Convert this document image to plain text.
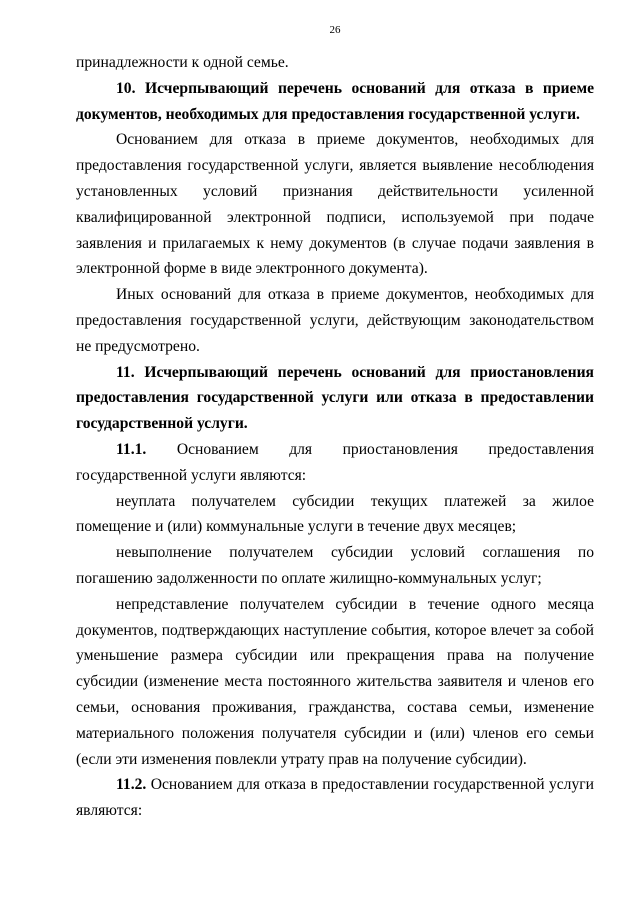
26

принадлежности к одной семье.

10. Исчерпывающий перечень оснований для отказа в приеме документов, необходимых для предоставления государственной услуги.

Основанием для отказа в приеме документов, необходимых для предоставления государственной услуги, является выявление несоблюдения установленных условий признания действительности усиленной квалифицированной электронной подписи, используемой при подаче заявления и прилагаемых к нему документов (в случае подачи заявления в электронной форме в виде электронного документа).

Иных оснований для отказа в приеме документов, необходимых для предоставления государственной услуги, действующим законодательством не предусмотрено.

11. Исчерпывающий перечень оснований для приостановления предоставления государственной услуги или отказа в предоставлении государственной услуги.

11.1. Основанием для приостановления предоставления государственной услуги являются:

неуплата получателем субсидии текущих платежей за жилое помещение и (или) коммунальные услуги в течение двух месяцев;

невыполнение получателем субсидии условий соглашения по погашению задолженности по оплате жилищно-коммунальных услуг;

непредставление получателем субсидии в течение одного месяца документов, подтверждающих наступление события, которое влечет за собой уменьшение размера субсидии или прекращения права на получение субсидии (изменение места постоянного жительства заявителя и членов его семьи, основания проживания, гражданства, состава семьи, изменение материального положения получателя субсидии и (или) членов его семьи (если эти изменения повлекли утрату прав на получение субсидии).

11.2. Основанием для отказа в предоставлении государственной услуги являются:
